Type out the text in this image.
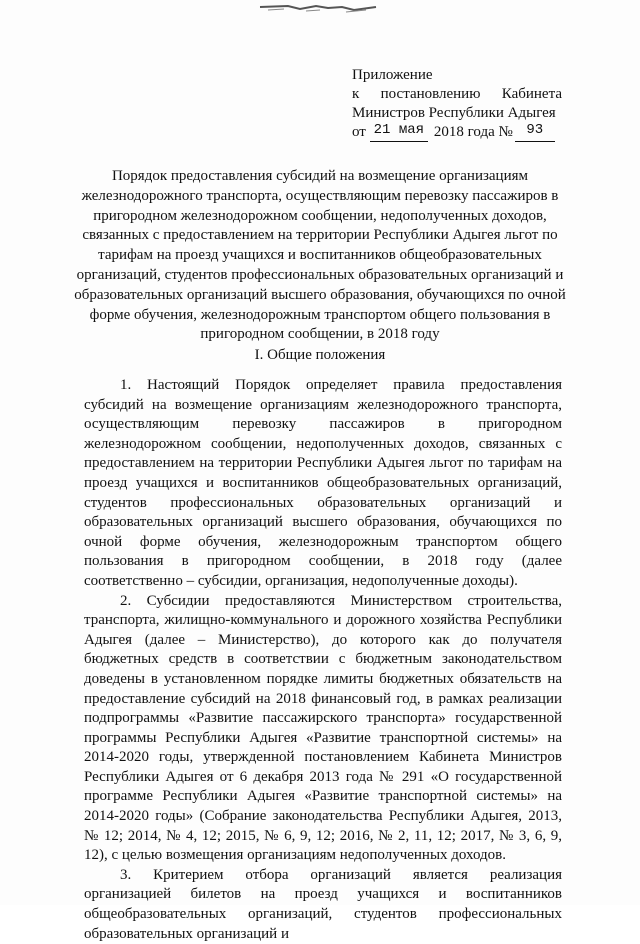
Приложение
к постановлению Кабинета
Министров Республики Адыгея
от 21 мая 2018 года № 93
Порядок предоставления субсидий на возмещение организациям железнодорожного транспорта, осуществляющим перевозку пассажиров в пригородном железнодорожном сообщении, недополученных доходов, связанных с предоставлением на территории Республики Адыгея льгот по тарифам на проезд учащихся и воспитанников общеобразовательных организаций, студентов профессиональных образовательных организаций и образовательных организаций высшего образования, обучающихся по очной форме обучения, железнодорожным транспортом общего пользования в пригородном сообщении, в 2018 году
I. Общие положения

1. Настоящий Порядок определяет правила предоставления субсидий на возмещение организациям железнодорожного транспорта, осуществляющим перевозку пассажиров в пригородном железнодорожном сообщении, недополученных доходов, связанных с предоставлением на территории Республики Адыгея льгот по тарифам на проезд учащихся и воспитанников общеобразовательных организаций, студентов профессиональных образовательных организаций и образовательных организаций высшего образования, обучающихся по очной форме обучения, железнодорожным транспортом общего пользования в пригородном сообщении, в 2018 году (далее соответственно – субсидии, организация, недополученные доходы).

2. Субсидии предоставляются Министерством строительства, транспорта, жилищно-коммунального и дорожного хозяйства Республики Адыгея (далее – Министерство), до которого как до получателя бюджетных средств в соответствии с бюджетным законодательством доведены в установленном порядке лимиты бюджетных обязательств на предоставление субсидий на 2018 финансовый год, в рамках реализации подпрограммы «Развитие пассажирского транспорта» государственной программы Республики Адыгея «Развитие транспортной системы» на 2014-2020 годы, утвержденной постановлением Кабинета Министров Республики Адыгея от 6 декабря 2013 года № 291 «О государственной программе Республики Адыгея «Развитие транспортной системы» на 2014-2020 годы» (Собрание законодательства Республики Адыгея, 2013, № 12; 2014, № 4, 12; 2015, № 6, 9, 12; 2016, № 2, 11, 12; 2017, № 3, 6, 9, 12), с целью возмещения организациям недополученных доходов.

3. Критерием отбора организаций является реализация организацией билетов на проезд учащихся и воспитанников общеобразовательных организаций, студентов профессиональных образовательных организаций и
